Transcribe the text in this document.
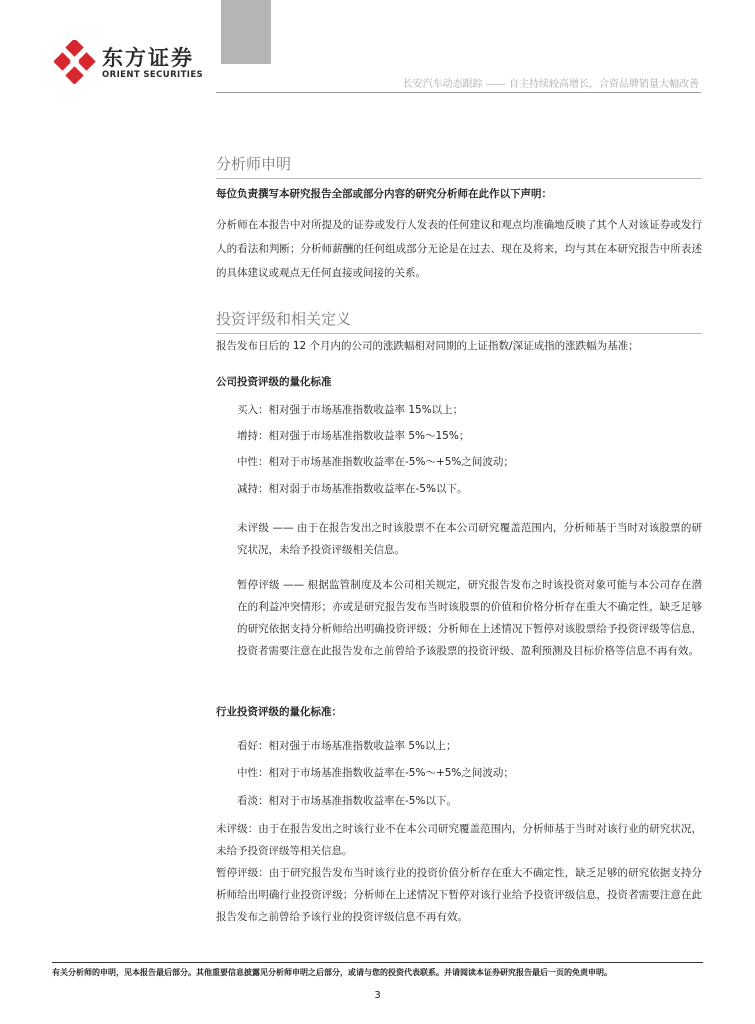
东方证券
ORIENT SECURITIES
长安汽车动态跟踪 —— 自主持续较高增长，合资品牌销量大幅改善
分析师申明
每位负责撰写本研究报告全部或部分内容的研究分析师在此作以下声明：
分析师在本报告中对所提及的证券或发行人发表的任何建议和观点均准确地反映了其个人对该证券或发行人的看法和判断；分析师薪酬的任何组成部分无论是在过去、现在及将来，均与其在本研究报告中所表述的具体建议或观点无任何直接或间接的关系。
投资评级和相关定义
报告发布日后的 12 个月内的公司的涨跌幅相对同期的上证指数/深证成指的涨跌幅为基准；
公司投资评级的量化标准
买入：相对强于市场基准指数收益率 15%以上；
增持：相对强于市场基准指数收益率 5%～15%；
中性：相对于市场基准指数收益率在-5%～+5%之间波动；
减持：相对弱于市场基准指数收益率在-5%以下。
未评级 —— 由于在报告发出之时该股票不在本公司研究覆盖范围内，分析师基于当时对该股票的研究状况，未给予投资评级相关信息。
暂停评级 —— 根据监管制度及本公司相关规定，研究报告发布之时该投资对象可能与本公司存在潜在的利益冲突情形；亦或是研究报告发布当时该股票的价值和价格分析存在重大不确定性，缺乏足够的研究依据支持分析师给出明确投资评级；分析师在上述情况下暂停对该股票给予投资评级等信息，投资者需要注意在此报告发布之前曾给予该股票的投资评级、盈利预测及目标价格等信息不再有效。
行业投资评级的量化标准：
看好：相对强于市场基准指数收益率 5%以上；
中性：相对于市场基准指数收益率在-5%～+5%之间波动；
看淡：相对于市场基准指数收益率在-5%以下。
未评级：由于在报告发出之时该行业不在本公司研究覆盖范围内，分析师基于当时对该行业的研究状况，未给予投资评级等相关信息。
暂停评级：由于研究报告发布当时该行业的投资价值分析存在重大不确定性，缺乏足够的研究依据支持分析师给出明确行业投资评级；分析师在上述情况下暂停对该行业给予投资评级信息，投资者需要注意在此报告发布之前曾给予该行业的投资评级信息不再有效。
有关分析师的申明，见本报告最后部分。其他重要信息披露见分析师申明之后部分，或请与您的投资代表联系。并请阅读本证券研究报告最后一页的免责申明。
3
